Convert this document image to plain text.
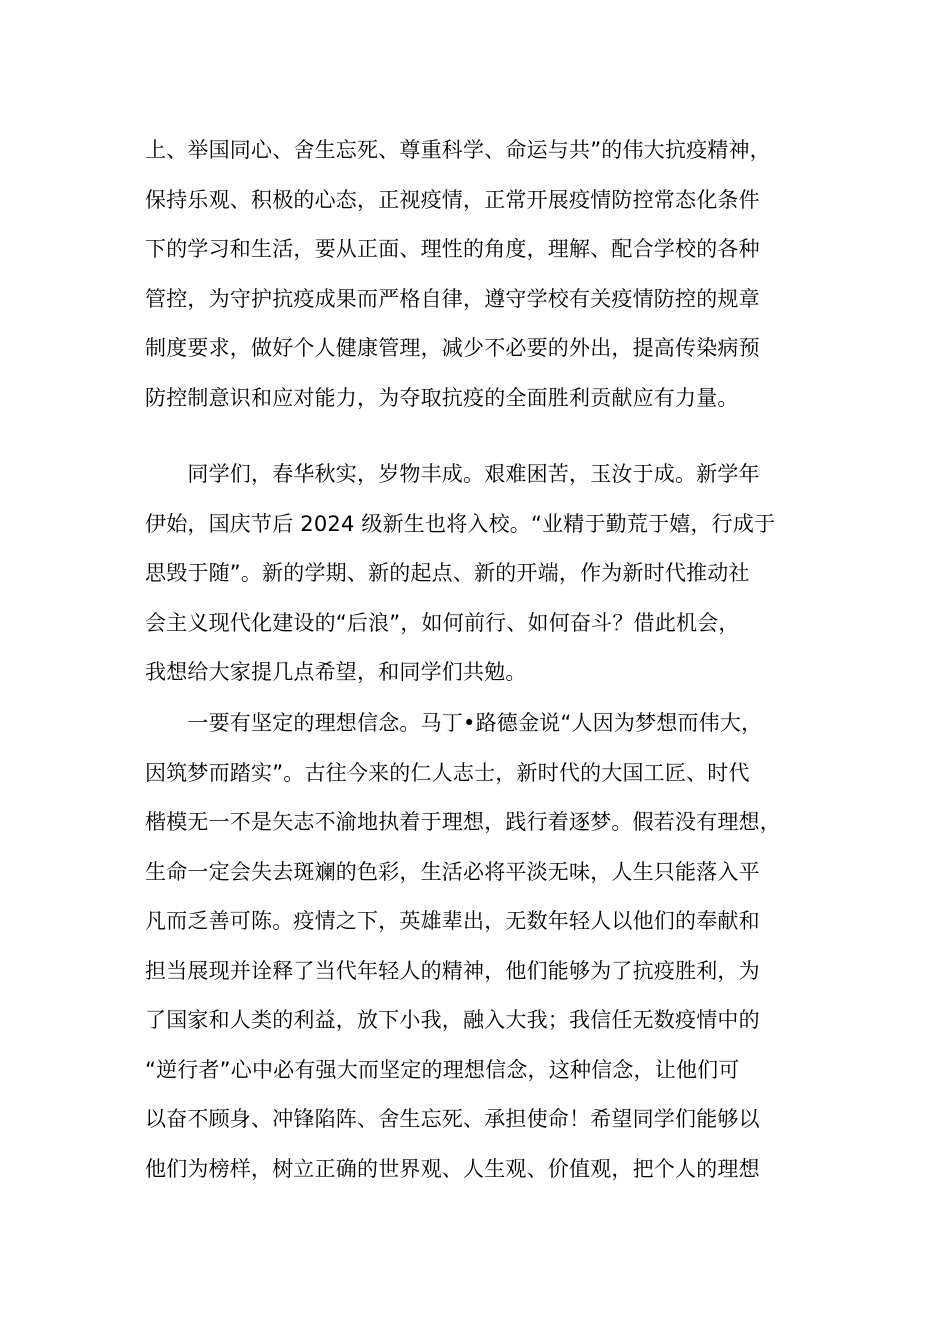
上、举国同心、舍生忘死、尊重科学、命运与共”的伟大抗疫精神，
保持乐观、积极的心态，正视疫情，正常开展疫情防控常态化条件
下的学习和生活，要从正面、理性的角度，理解、配合学校的各种
管控，为守护抗疫成果而严格自律，遵守学校有关疫情防控的规章
制度要求，做好个人健康管理，减少不必要的外出，提高传染病预
防控制意识和应对能力，为夺取抗疫的全面胜利贡献应有力量。
　　同学们，春华秋实，岁物丰成。艰难困苦，玉汝于成。新学年
伊始，国庆节后 2024 级新生也将入校。“业精于勤荒于嬉，行成于
思毁于随”。新的学期、新的起点、新的开端，作为新时代推动社
会主义现代化建设的“后浪”，如何前行、如何奋斗？借此机会，
我想给大家提几点希望，和同学们共勉。
　　一要有坚定的理想信念。马丁•路德金说“人因为梦想而伟大，
因筑梦而踏实”。古往今来的仁人志士，新时代的大国工匠、时代
楷模无一不是矢志不渝地执着于理想，践行着逐梦。假若没有理想，
生命一定会失去斑斓的色彩，生活必将平淡无味，人生只能落入平
凡而乏善可陈。疫情之下，英雄辈出，无数年轻人以他们的奉献和
担当展现并诠释了当代年轻人的精神，他们能够为了抗疫胜利，为
了国家和人类的利益，放下小我，融入大我；我信任无数疫情中的
“逆行者”心中必有强大而坚定的理想信念，这种信念，让他们可
以奋不顾身、冲锋陷阵、舍生忘死、承担使命！希望同学们能够以
他们为榜样，树立正确的世界观、人生观、价值观，把个人的理想
